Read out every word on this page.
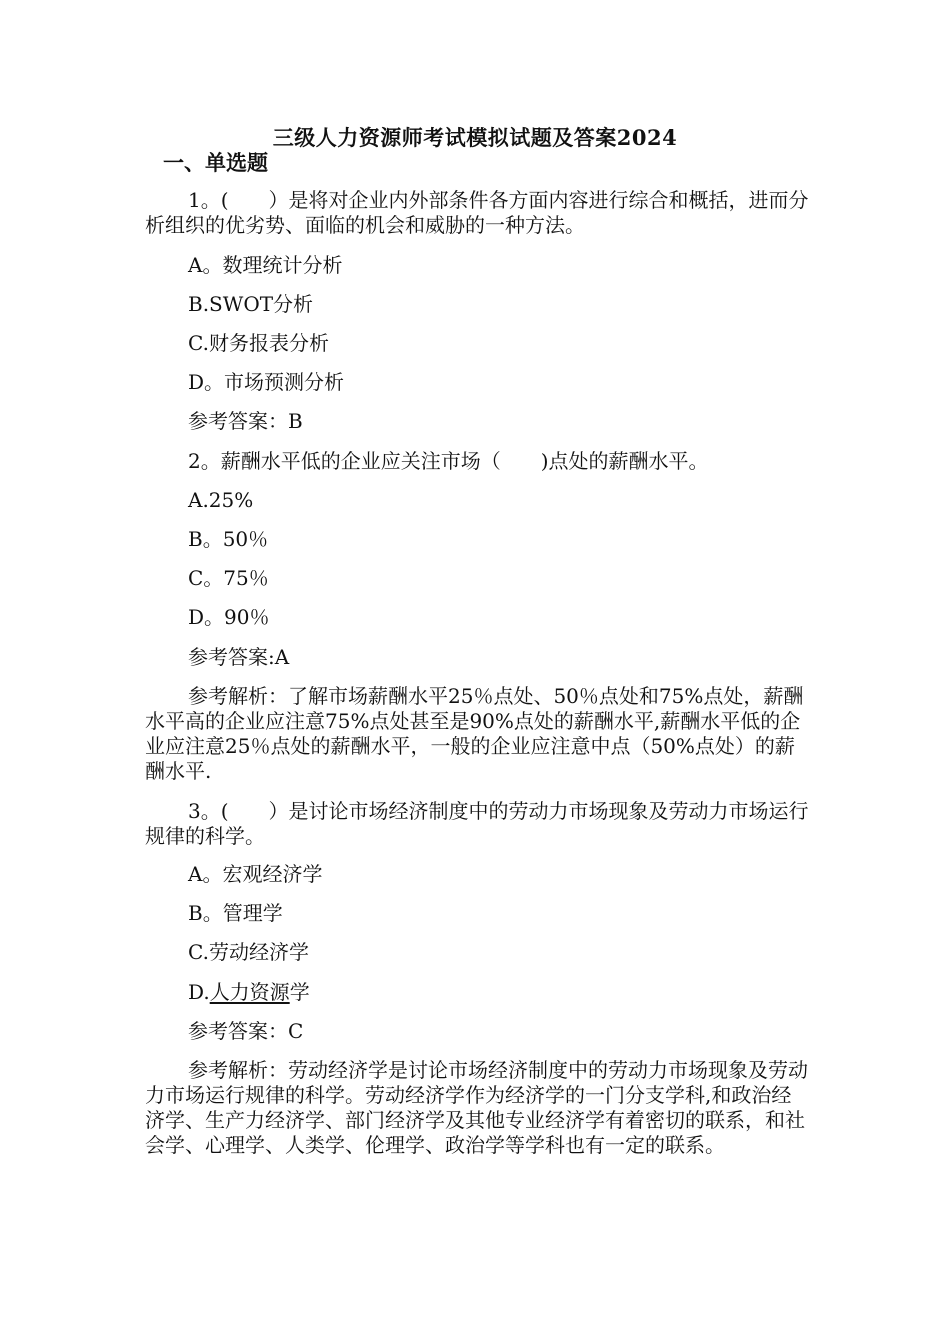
三级人力资源师考试模拟试题及答案2024
一、单选题
1。(　　）是将对企业内外部条件各方面内容进行综合和概括，进而分析组织的优劣势、面临的机会和威胁的一种方法。
A。数理统计分析
B.SWOT分析
C.财务报表分析
D。市场预测分析
参考答案：B
2。薪酬水平低的企业应关注市场（　　)点处的薪酬水平。
A.25%
B。50％
C。75％
D。90％
参考答案:A
参考解析：了解市场薪酬水平25％点处、50％点处和75%点处，薪酬水平高的企业应注意75%点处甚至是90%点处的薪酬水平,薪酬水平低的企业应注意25％点处的薪酬水平，一般的企业应注意中点（50%点处）的薪酬水平.
3。(　　）是讨论市场经济制度中的劳动力市场现象及劳动力市场运行规律的科学。
A。宏观经济学
B。管理学
C.劳动经济学
D.人力资源学
参考答案：C
参考解析：劳动经济学是讨论市场经济制度中的劳动力市场现象及劳动力市场运行规律的科学。劳动经济学作为经济学的一门分支学科,和政治经济学、生产力经济学、部门经济学及其他专业经济学有着密切的联系，和社会学、心理学、人类学、伦理学、政治学等学科也有一定的联系。
